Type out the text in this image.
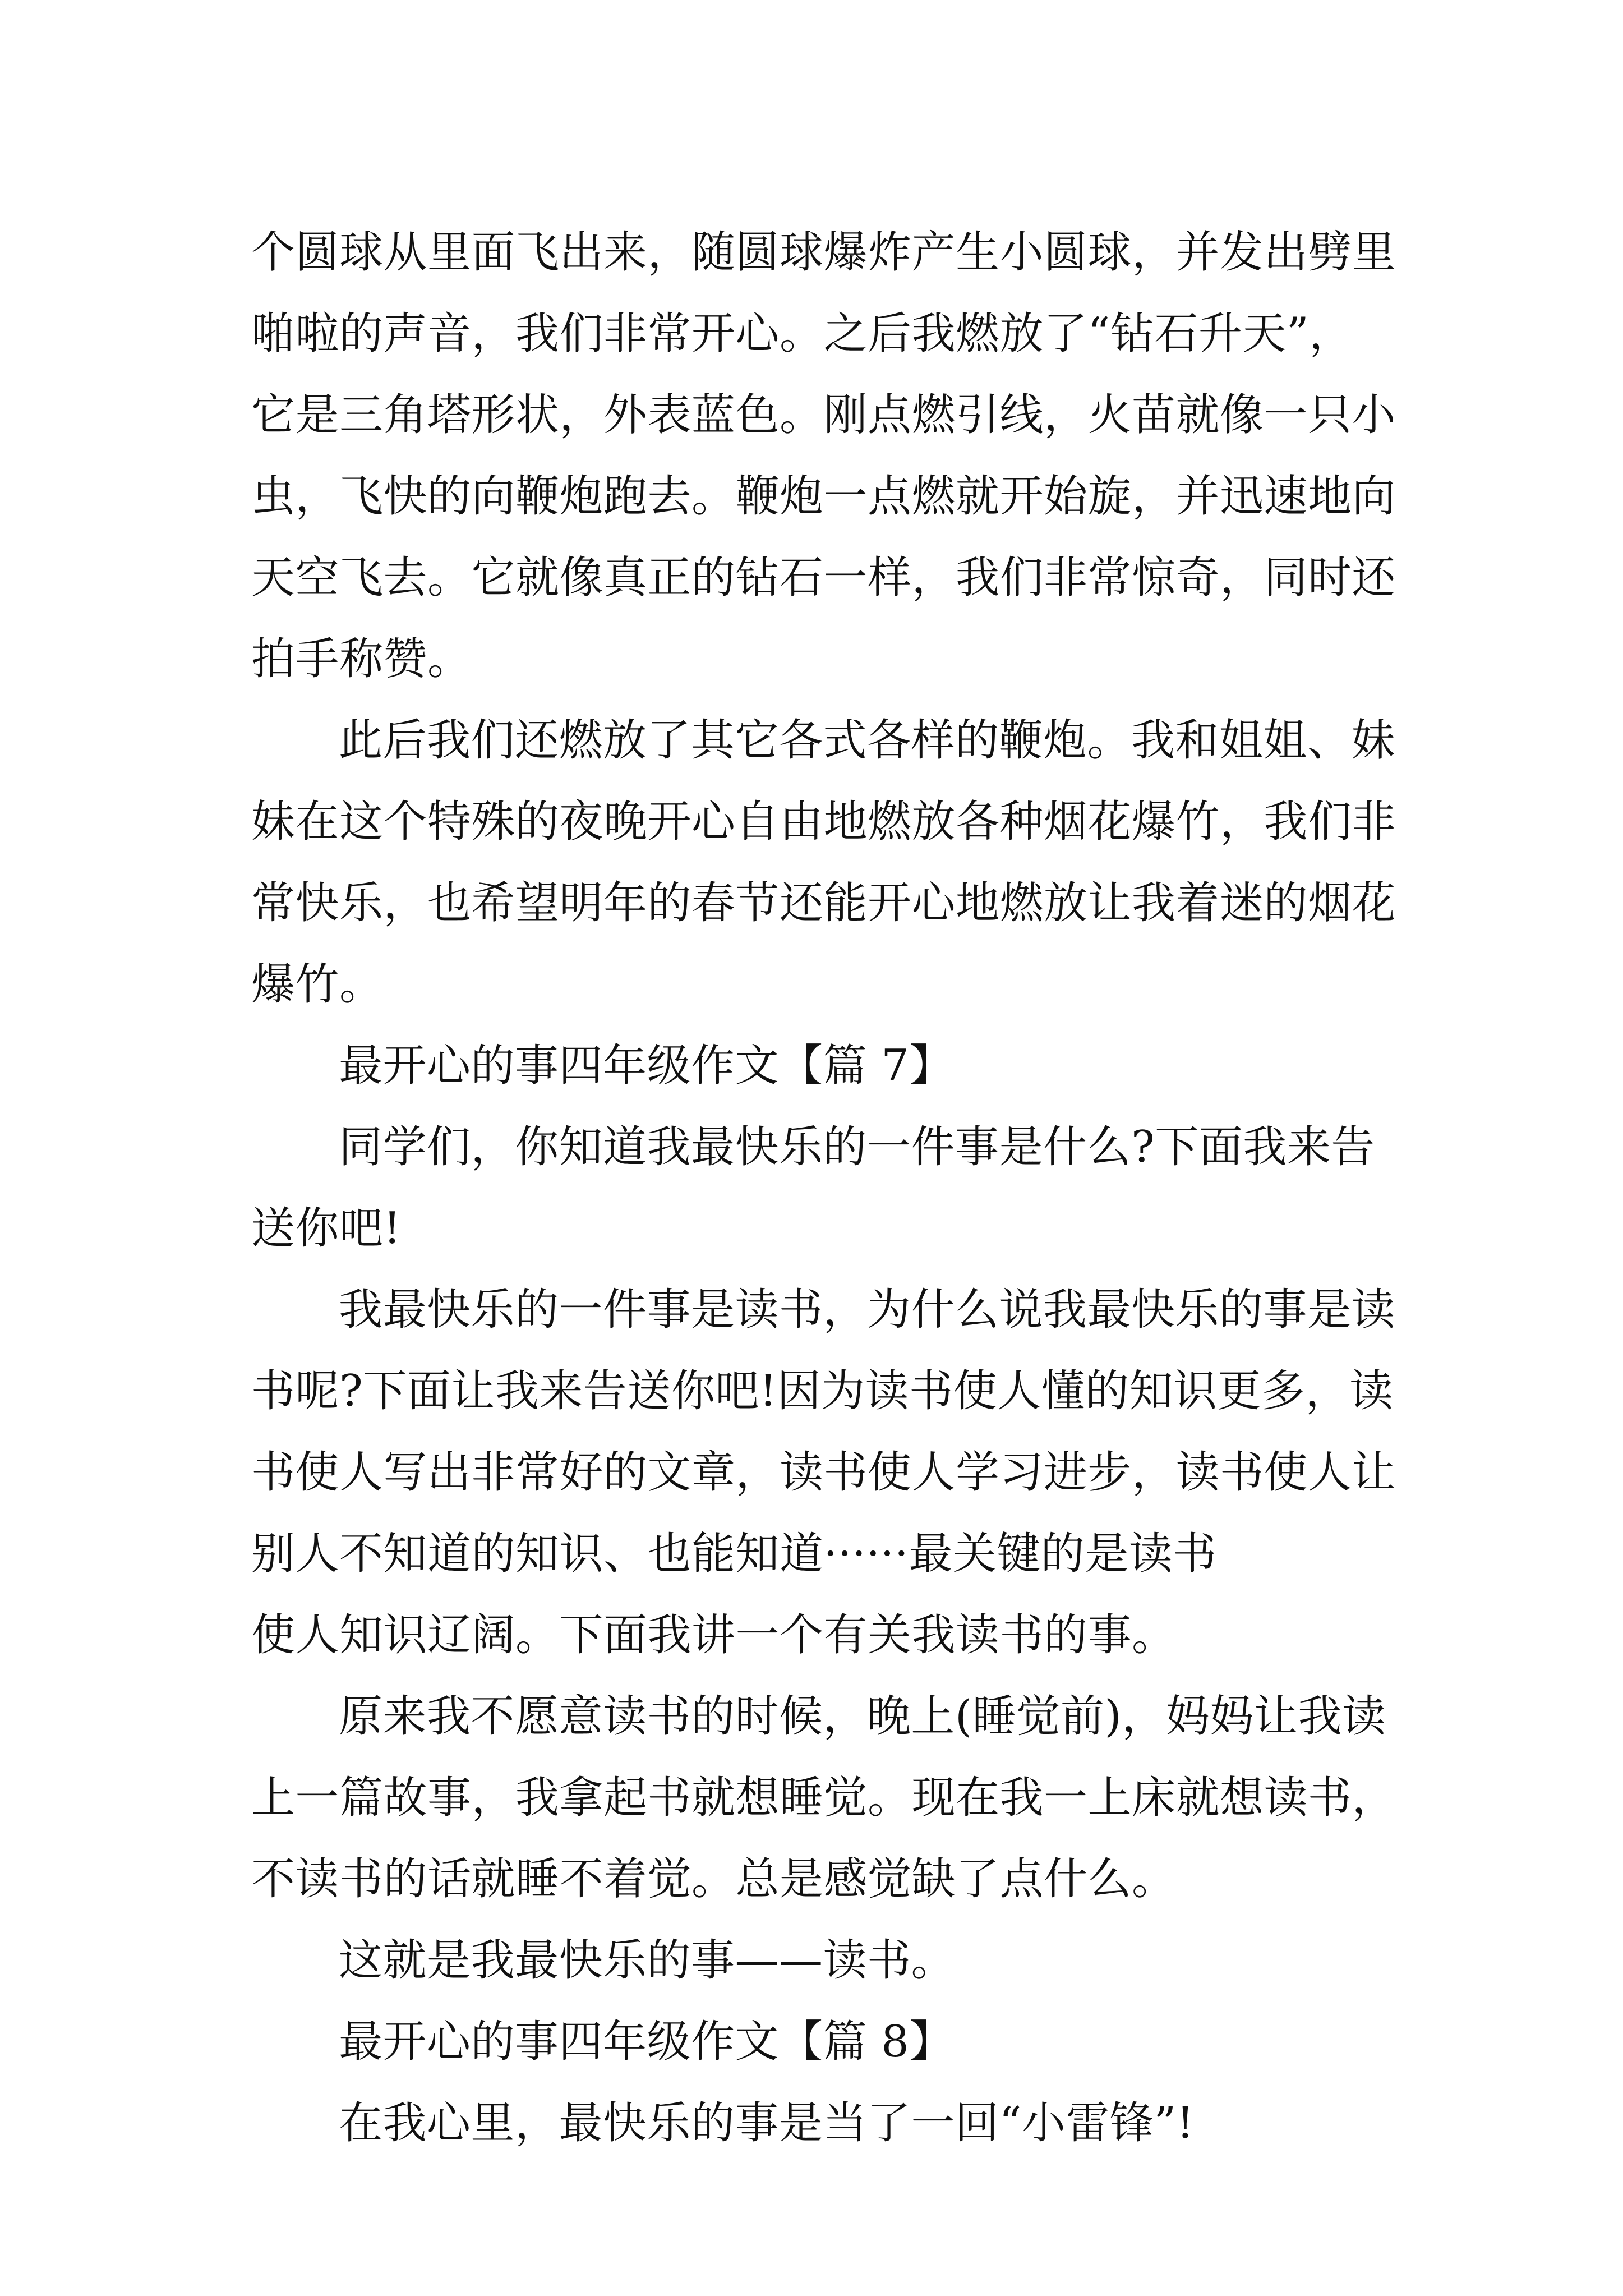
个圆球从里面飞出来，随圆球爆炸产生小圆球，并发出劈里
啪啦的声音，我们非常开心。之后我燃放了“钻石升天”，
它是三角塔形状，外表蓝色。刚点燃引线，火苗就像一只小
虫，飞快的向鞭炮跑去。鞭炮一点燃就开始旋，并迅速地向
天空飞去。它就像真正的钻石一样，我们非常惊奇，同时还
拍手称赞。
此后我们还燃放了其它各式各样的鞭炮。我和姐姐、妹
妹在这个特殊的夜晚开心自由地燃放各种烟花爆竹，我们非
常快乐，也希望明年的春节还能开心地燃放让我着迷的烟花
爆竹。
最开心的事四年级作文【篇 7】
同学们，你知道我最快乐的一件事是什么?下面我来告
送你吧!
我最快乐的一件事是读书，为什么说我最快乐的事是读
书呢?下面让我来告送你吧!因为读书使人懂的知识更多，读
书使人写出非常好的文章，读书使人学习进步，读书使人让
别人不知道的知识、也能知道······最关键的是读书
使人知识辽阔。下面我讲一个有关我读书的事。
原来我不愿意读书的时候，晚上(睡觉前)，妈妈让我读
上一篇故事，我拿起书就想睡觉。现在我一上床就想读书，
不读书的话就睡不着觉。总是感觉缺了点什么。
这就是我最快乐的事——读书。
最开心的事四年级作文【篇 8】
在我心里，最快乐的事是当了一回“小雷锋”!
